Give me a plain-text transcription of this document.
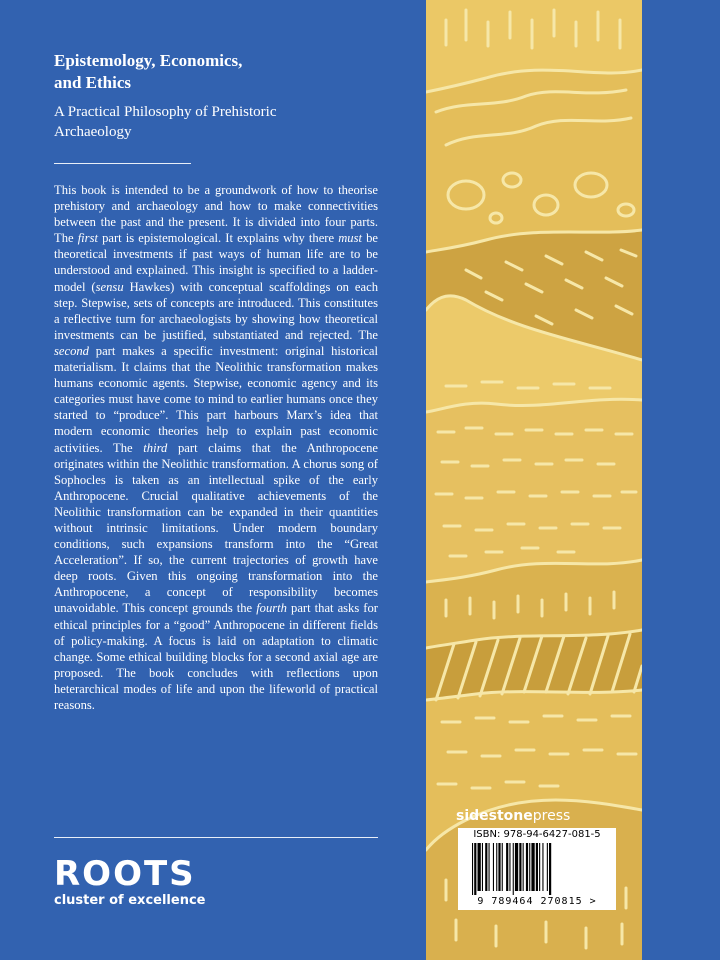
Epistemology, Economics,
and Ethics
A Practical Philosophy of Prehistoric
Archaeology

This book is intended to be a groundwork of how to theorise prehistory and archaeology and how to make connectivities between the past and the present. It is divided into four parts. The first part is epistemological. It explains why there must be theoretical investments if past ways of human life are to be understood and explained. This insight is specified to a ladder-model (sensu Hawkes) with conceptual scaffoldings on each step. Stepwise, sets of concepts are introduced. This constitutes a reflective turn for archaeologists by showing how theoretical investments can be justified, substantiated and rejected. The second part makes a specific investment: original historical materialism. It claims that the Neolithic transformation makes humans economic agents. Stepwise, economic agency and its categories must have come to mind to earlier humans once they started to “produce”. This part harbours Marx’s idea that modern economic theories help to explain past economic activities. The third part claims that the Anthropocene originates within the Neolithic transformation. A chorus song of Sophocles is taken as an intellectual spike of the early Anthropocene. Crucial qualitative achievements of the Neolithic transformation can be expanded in their quantities without intrinsic limitations. Under modern boundary conditions, such expansions transform into the “Great Acceleration”. If so, the current trajectories of growth have deep roots. Given this ongoing transformation into the Anthropocene, a concept of responsibility becomes unavoidable. This concept grounds the fourth part that asks for ethical principles for a “good” Anthropocene in different fields of policy-making. A focus is laid on adaptation to climatic change. Some ethical building blocks for a second axial age are proposed. The book concludes with reflections upon heterarchical modes of life and upon the lifeworld of practical reasons.

ROOTS
cluster of excellence
sidestonepress
ISBN: 978-94-6427-081-5
9 789464 270815 >
